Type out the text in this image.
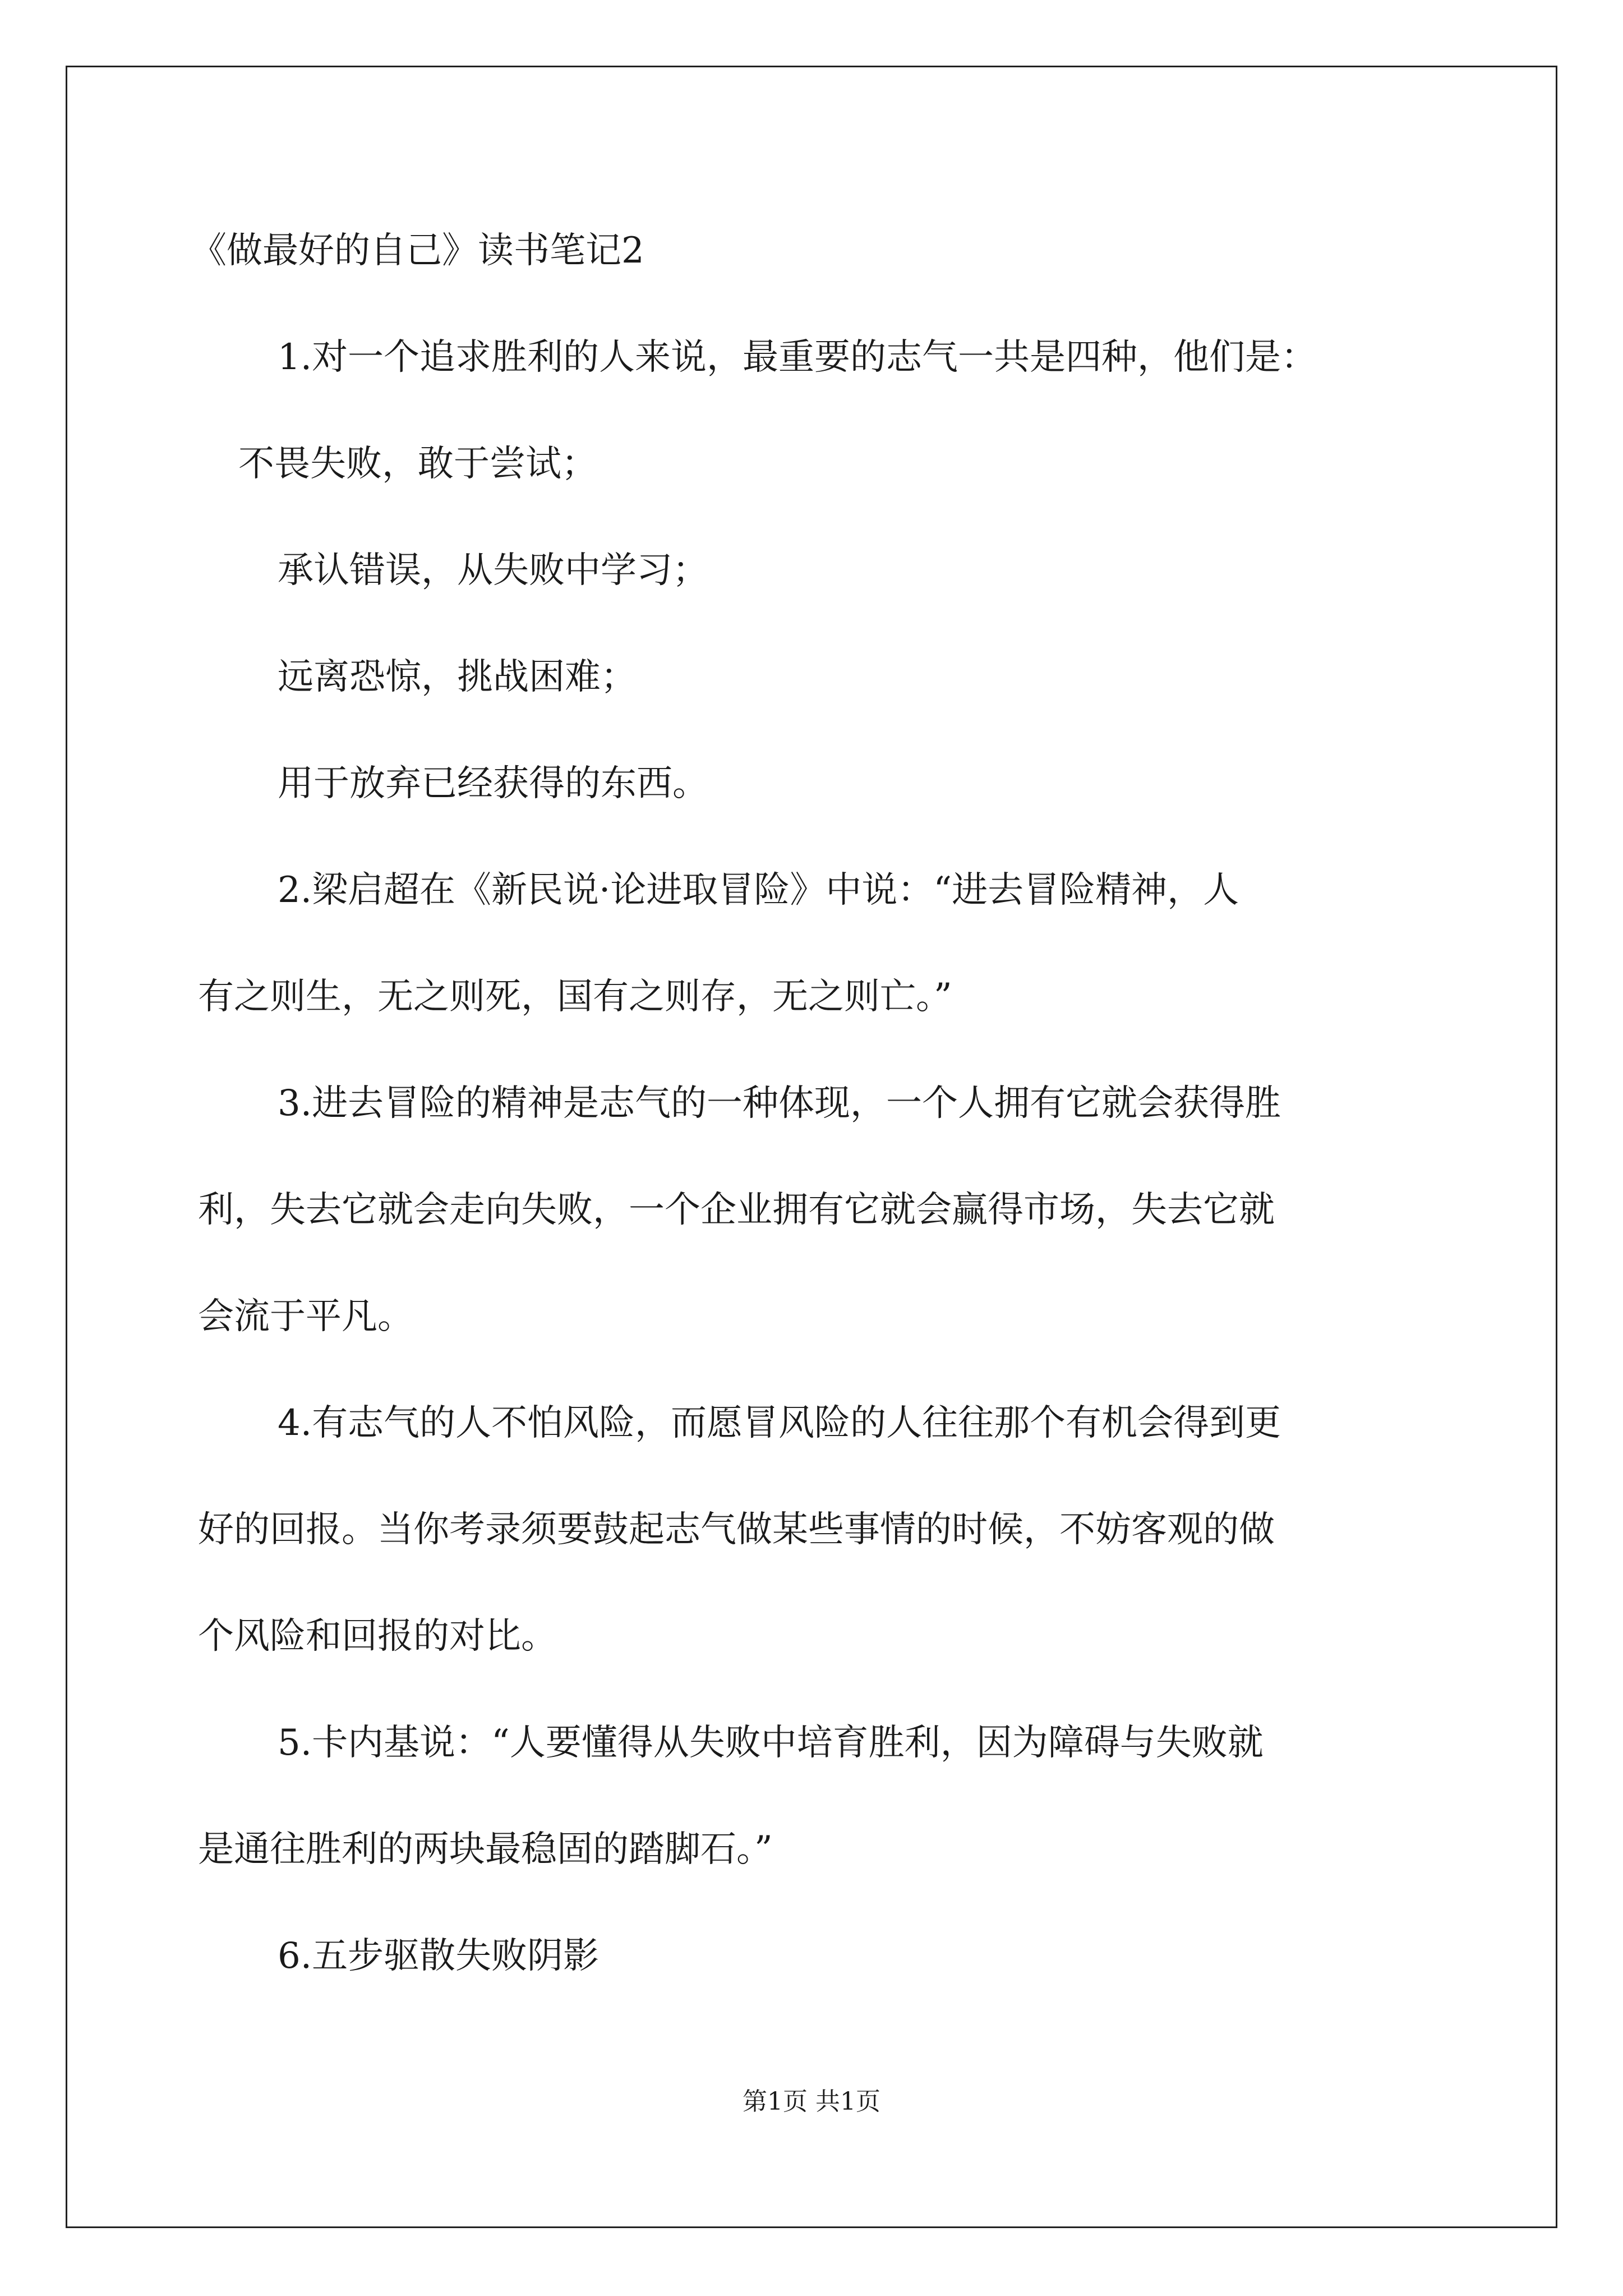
《做最好的自己》读书笔记2
1.对一个追求胜利的人来说，最重要的志气一共是四种，他们是：
不畏失败，敢于尝试；
承认错误，从失败中学习；
远离恐惊，挑战困难；
用于放弃已经获得的东西。
2.梁启超在《新民说·论进取冒险》中说：“进去冒险精神，人
有之则生，无之则死，国有之则存，无之则亡。”
3.进去冒险的精神是志气的一种体现，一个人拥有它就会获得胜
利，失去它就会走向失败，一个企业拥有它就会赢得市场，失去它就
会流于平凡。
4.有志气的人不怕风险，而愿冒风险的人往往那个有机会得到更
好的回报。当你考录须要鼓起志气做某些事情的时候，不妨客观的做
个风险和回报的对比。
5.卡内基说：“人要懂得从失败中培育胜利，因为障碍与失败就
是通往胜利的两块最稳固的踏脚石。”
6.五步驱散失败阴影
第1页 共1页
